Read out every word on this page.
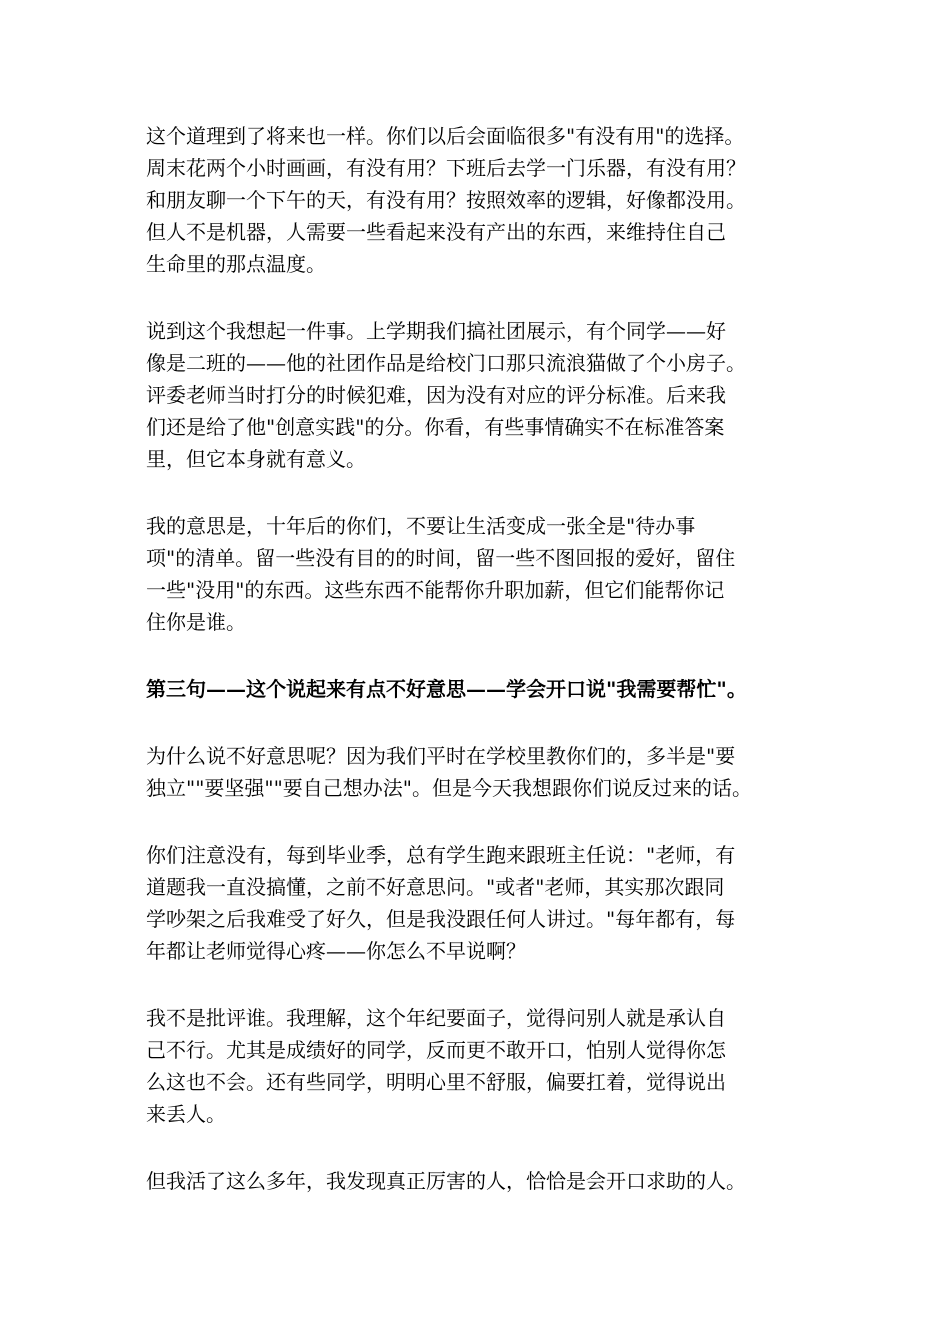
这个道理到了将来也一样。你们以后会面临很多"有没有用"的选择。
周末花两个小时画画，有没有用？下班后去学一门乐器，有没有用？
和朋友聊一个下午的天，有没有用？按照效率的逻辑，好像都没用。
但人不是机器，人需要一些看起来没有产出的东西，来维持住自己
生命里的那点温度。
说到这个我想起一件事。上学期我们搞社团展示，有个同学——好
像是二班的——他的社团作品是给校门口那只流浪猫做了个小房子。
评委老师当时打分的时候犯难，因为没有对应的评分标准。后来我
们还是给了他"创意实践"的分。你看，有些事情确实不在标准答案
里，但它本身就有意义。
我的意思是，十年后的你们，不要让生活变成一张全是"待办事
项"的清单。留一些没有目的的时间，留一些不图回报的爱好，留住
一些"没用"的东西。这些东西不能帮你升职加薪，但它们能帮你记
住你是谁。
第三句——这个说起来有点不好意思——学会开口说"我需要帮忙"。
为什么说不好意思呢？因为我们平时在学校里教你们的，多半是"要
独立""要坚强""要自己想办法"。但是今天我想跟你们说反过来的话。
你们注意没有，每到毕业季，总有学生跑来跟班主任说："老师，有
道题我一直没搞懂，之前不好意思问。"或者"老师，其实那次跟同
学吵架之后我难受了好久，但是我没跟任何人讲过。"每年都有，每
年都让老师觉得心疼——你怎么不早说啊？
我不是批评谁。我理解，这个年纪要面子，觉得问别人就是承认自
己不行。尤其是成绩好的同学，反而更不敢开口，怕别人觉得你怎
么这也不会。还有些同学，明明心里不舒服，偏要扛着，觉得说出
来丢人。
但我活了这么多年，我发现真正厉害的人，恰恰是会开口求助的人。
